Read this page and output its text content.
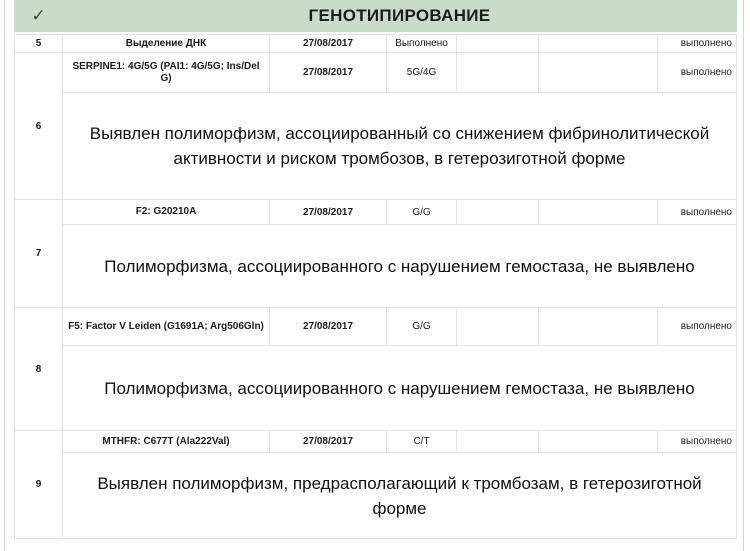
✓	ГЕНОТИПИРОВАНИЕ					

5	Выделение ДНК	27/08/2017	Выполнено			выполнено
6	SERPINE1: 4G/5G (PAI1: 4G/5G; Ins/Del G)	27/08/2017	5G/4G			выполнено
	Выявлен полиморфизм, ассоциированный со снижением фибринолитической активности и риском тромбозов, в гетерозиготной форме					
7	F2: G20210A	27/08/2017	G/G			выполнено
	Полиморфизма, ассоциированного с нарушением гемостаза, не выявлено					
8	F5: Factor V Leiden (G1691A; Arg506Gln)	27/08/2017	G/G			выполнено
	Полиморфизма, ассоциированного с нарушением гемостаза, не выявлено					
9	MTHFR: C677T (Ala222Val)	27/08/2017	C/T			выполнено
	Выявлен полиморфизм, предрасполагающий к тромбозам, в гетерозиготной форме					
